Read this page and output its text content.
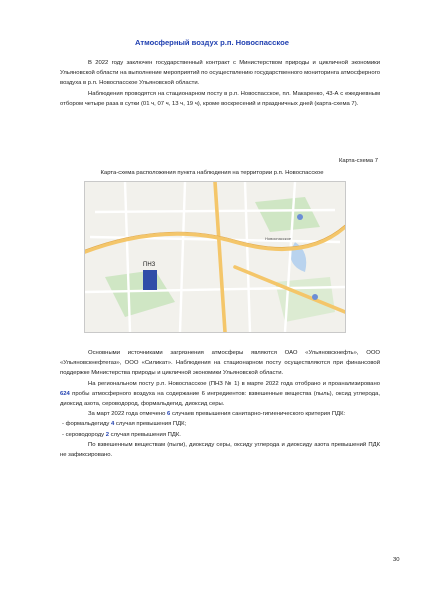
Атмосферный воздух р.п. Новоспасское

В 2022 году заключен государственный контракт с Министерством природы и цикличной экономики Ульяновской области на выполнение мероприятий по осуществлению государственного мониторинга атмосферного воздуха в р.п. Новоспасское Ульяновской области.

Наблюдения проводятся на стационарном посту в р.п. Новоспасское, пл. Макаренко, 43-А с ежедневным отбором четыре раза в сутки (01 ч, 07 ч, 13 ч, 19 ч), кроме воскресений и праздничных дней (карта-схема 7).

Карта-схема 7
Карта-схема расположения пункта наблюдения на территории р.п. Новоспасское
ПНЗ
Новоспасское

Основными источниками загрязнения атмосферы являются ОАО «Ульяновскнефть», ООО «Ульяновскнефтегаз», ООО «Силикат». Наблюдения на стационарном посту осуществляются при финансовой поддержке Министерства природы и цикличной экономики Ульяновской области.

На региональном посту р.п. Новоспасское (ПНЗ № 1) в марте 2022 года отобрано и проанализировано 624 пробы атмосферного воздуха на содержание 6 ингредиентов: взвешенные вещества (пыль), оксид углерода, диоксид азота, сероводород, формальдегид, диоксид серы.

За март 2022 года отмечено 6 случаев превышения санитарно-гигиенического критерия ПДК:

- формальдегиду 4 случая превышения ПДК;

- сероводороду 2 случая превышения ПДК.

По взвешенным веществам (пыли), диоксиду серы, оксиду углерода и диоксиду азота превышений ПДК не зафиксировано.

30
